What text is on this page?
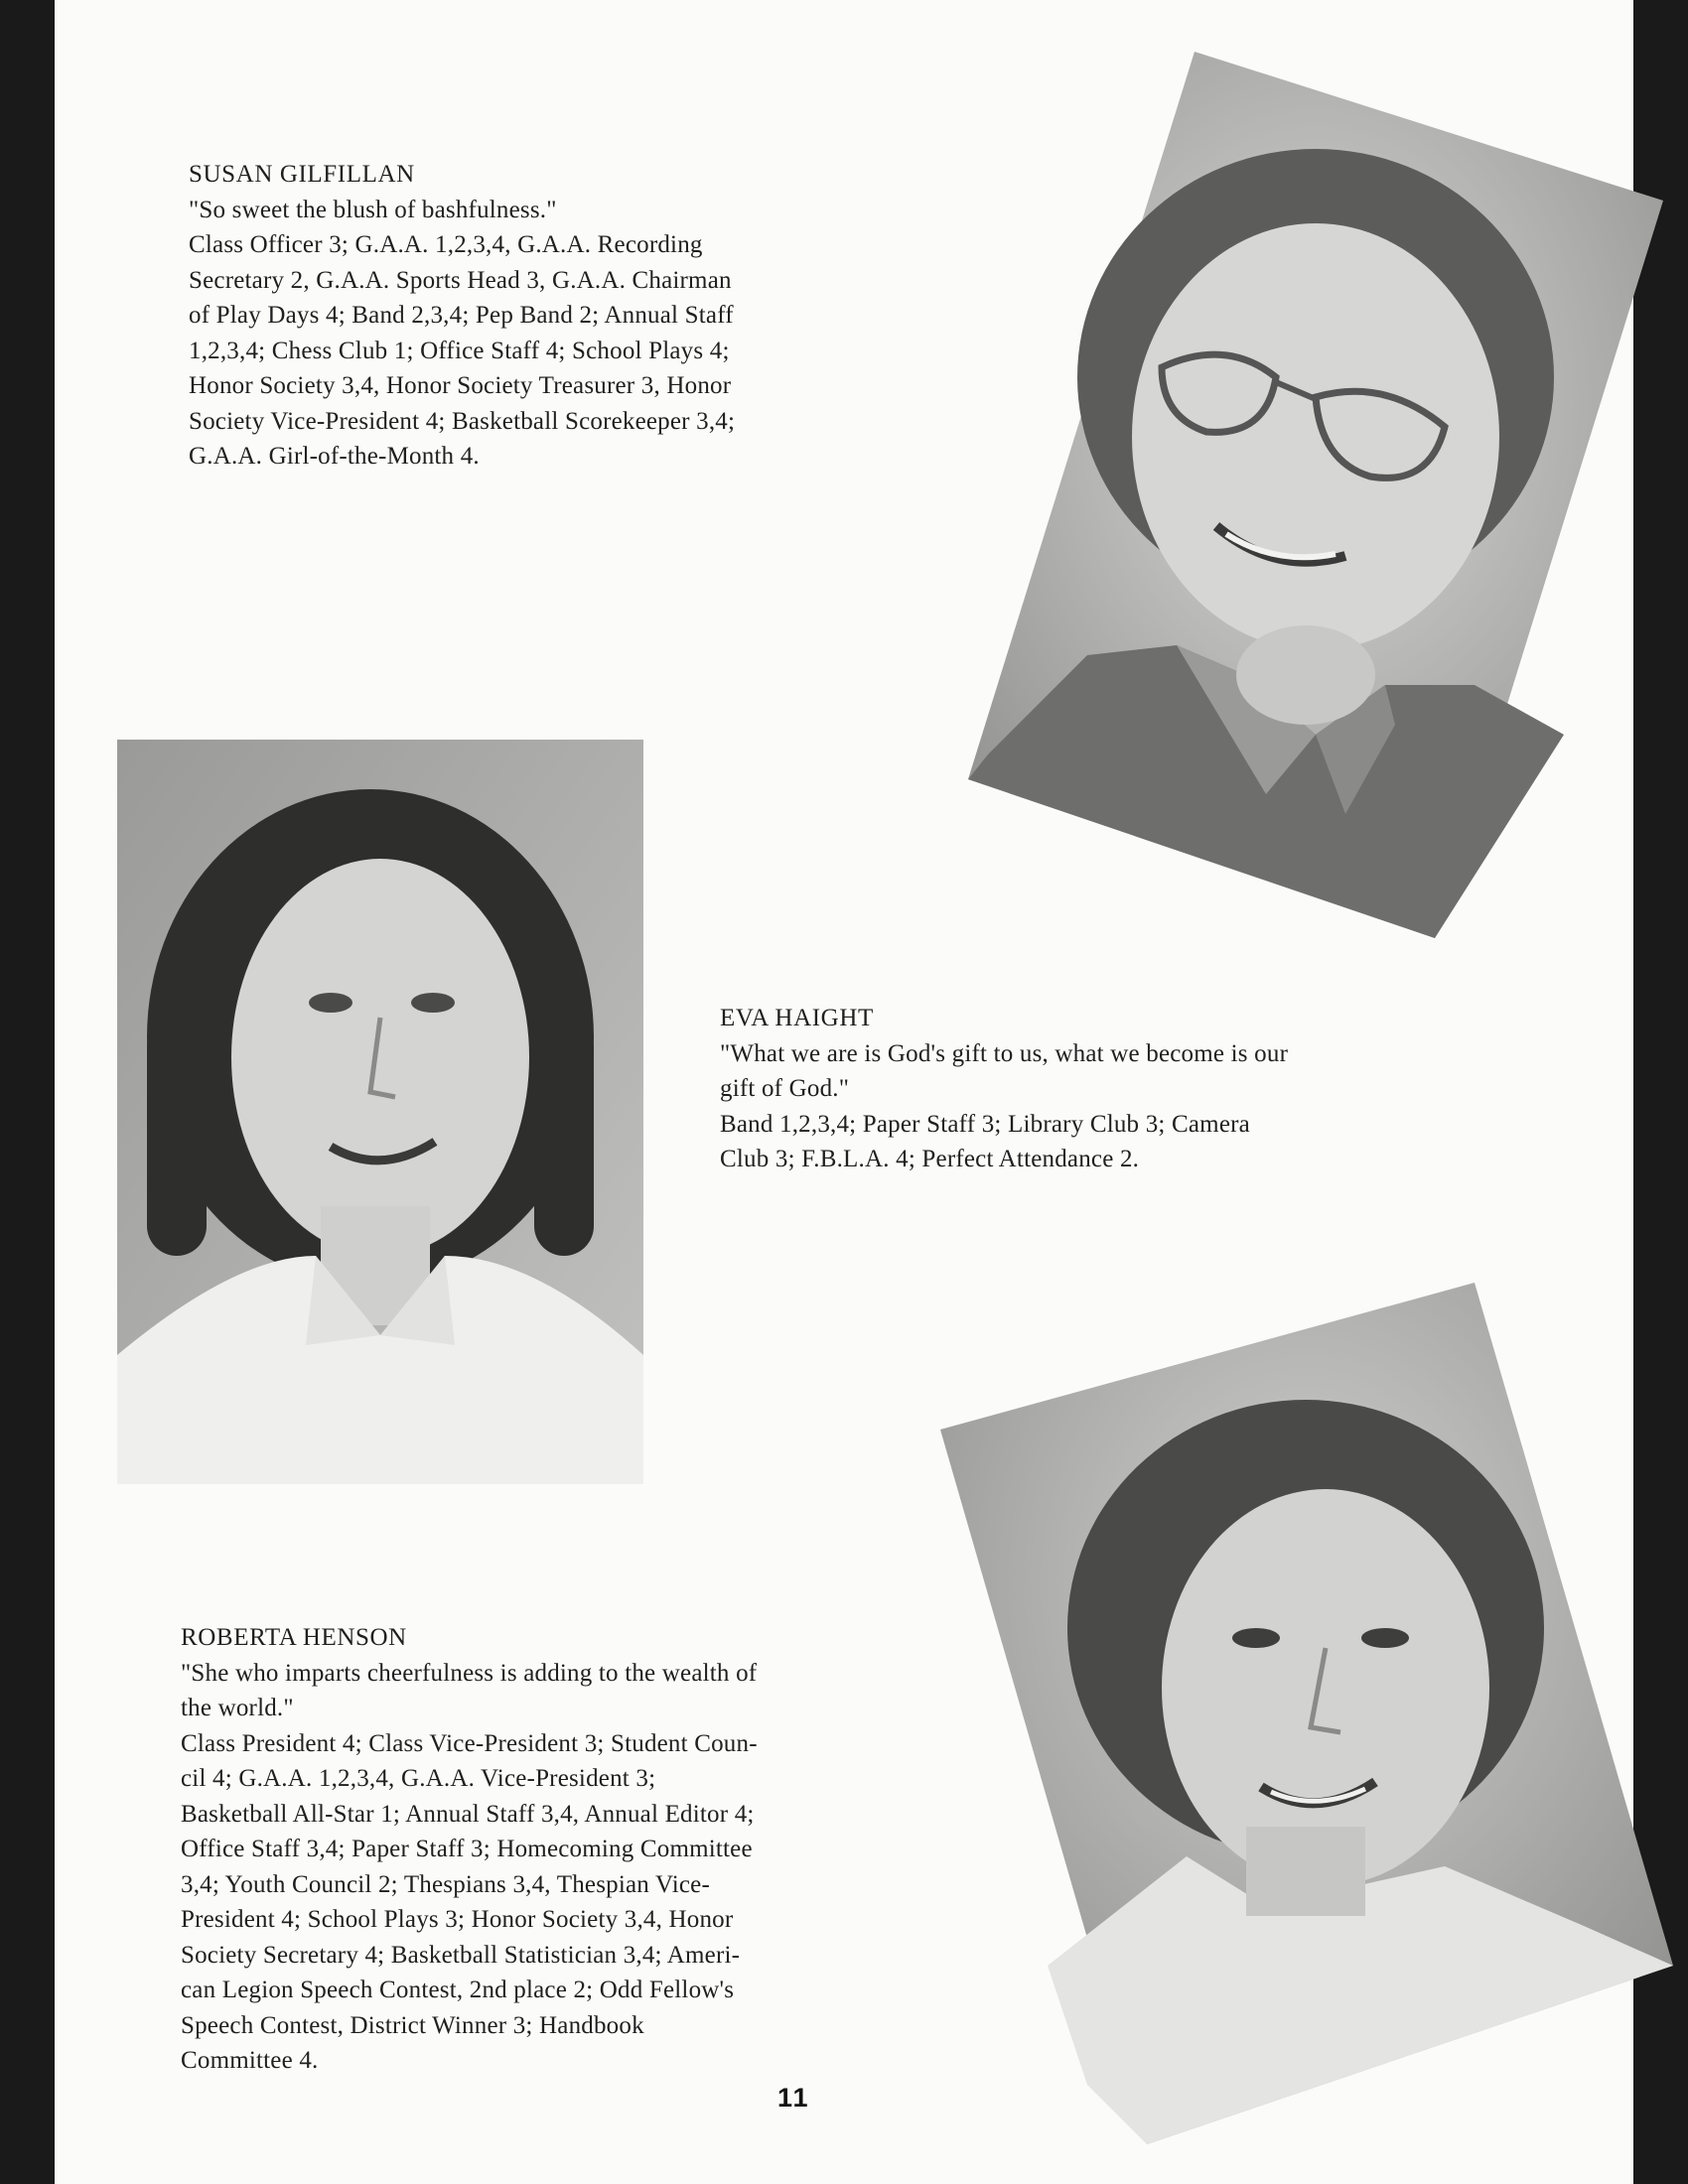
SUSAN GILFILLAN
"So sweet the blush of bashfulness."
Class Officer 3; G.A.A. 1,2,3,4, G.A.A. Recording
Secretary 2, G.A.A. Sports Head 3, G.A.A. Chairman
of Play Days 4; Band 2,3,4; Pep Band 2; Annual Staff
1,2,3,4; Chess Club 1; Office Staff 4; School Plays 4;
Honor Society 3,4, Honor Society Treasurer 3, Honor
Society Vice-President 4; Basketball Scorekeeper 3,4;
G.A.A. Girl-of-the-Month 4.
EVA HAIGHT
"What we are is God's gift to us, what we become is our
gift of God."
Band 1,2,3,4; Paper Staff 3; Library Club 3; Camera
Club 3; F.B.L.A. 4; Perfect Attendance 2.
ROBERTA HENSON
"She who imparts cheerfulness is adding to the wealth of
the world."
Class President 4; Class Vice-President 3; Student Coun-
cil 4; G.A.A. 1,2,3,4, G.A.A. Vice-President 3;
Basketball All-Star 1; Annual Staff 3,4, Annual Editor 4;
Office Staff 3,4; Paper Staff 3; Homecoming Committee
3,4; Youth Council 2; Thespians 3,4, Thespian Vice-
President 4; School Plays 3; Honor Society 3,4, Honor
Society Secretary 4; Basketball Statistician 3,4; Ameri-
can Legion Speech Contest, 2nd place 2; Odd Fellow's
Speech Contest, District Winner 3; Handbook
Committee 4.
11
